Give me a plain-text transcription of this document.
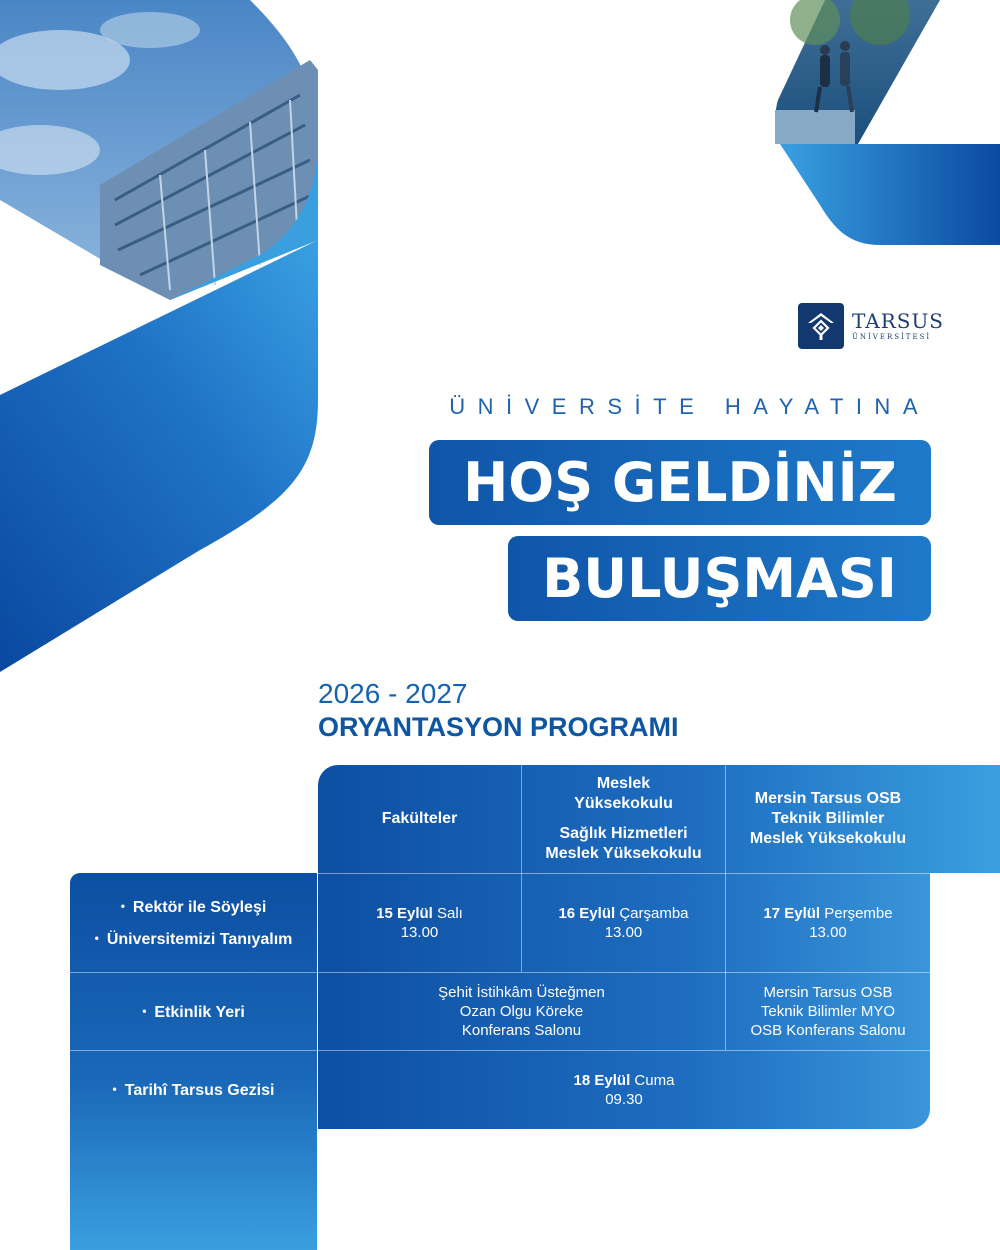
TARSUS
ÜNİVERSİTESİ
ÜNİVERSİTE HAYATINA
HOŞ GELDİNİZ
BULUŞMASI
2026 - 2027
ORYANTASYON PROGRAMI
Fakülteler
Meslek
Yüksekokulu
Sağlık Hizmetleri
Meslek Yüksekokulu
Mersin Tarsus OSB
Teknik Bilimler
Meslek Yüksekokulu
• Rektör ile Söyleşi
• Üniversitemizi Tanıyalım
• Etkinlik Yeri
• Tarihî Tarsus Gezisi
15 Eylül Salı
13.00
16 Eylül Çarşamba
13.00
17 Eylül Perşembe
13.00
Şehit İstihkâm Üsteğmen
Ozan Olgu Köreke
Konferans Salonu
Mersin Tarsus OSB
Teknik Bilimler MYO
OSB Konferans Salonu
18 Eylül Cuma
09.30
